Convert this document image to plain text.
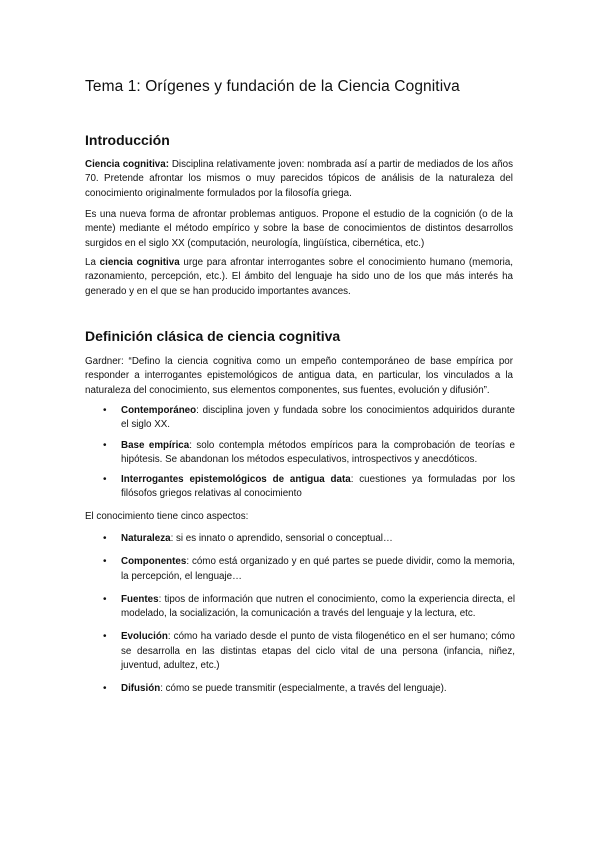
Tema 1: Orígenes y fundación de la Ciencia Cognitiva
Introducción

Ciencia cognitiva: Disciplina relativamente joven: nombrada así a partir de mediados de los años 70. Pretende afrontar los mismos o muy parecidos tópicos de análisis de la naturaleza del conocimiento originalmente formulados por la filosofía griega.

Es una nueva forma de afrontar problemas antiguos. Propone el estudio de la cognición (o de la mente) mediante el método empírico y sobre la base de conocimientos de distintos desarrollos surgidos en el siglo XX (computación, neurología, lingüística, cibernética, etc.)

La ciencia cognitiva urge para afrontar interrogantes sobre el conocimiento humano (memoria, razonamiento, percepción, etc.). El ámbito del lenguaje ha sido uno de los que más interés ha generado y en el que se han producido importantes avances.

Definición clásica de ciencia cognitiva

Gardner: “Defino la ciencia cognitiva como un empeño contemporáneo de base empírica por responder a interrogantes epistemológicos de antigua data, en particular, los vinculados a la naturaleza del conocimiento, sus elementos componentes, sus fuentes, evolución y difusión”.

• Contemporáneo: disciplina joven y fundada sobre los conocimientos adquiridos durante el siglo XX.
• Base empírica: solo contempla métodos empíricos para la comprobación de teorías e hipótesis. Se abandonan los métodos especulativos, introspectivos y anecdóticos.
• Interrogantes epistemológicos de antigua data: cuestiones ya formuladas por los filósofos griegos relativas al conocimiento

El conocimiento tiene cinco aspectos:

• Naturaleza: si es innato o aprendido, sensorial o conceptual…
• Componentes: cómo está organizado y en qué partes se puede dividir, como la memoria, la percepción, el lenguaje…
• Fuentes: tipos de información que nutren el conocimiento, como la experiencia directa, el modelado, la socialización, la comunicación a través del lenguaje y la lectura, etc.
• Evolución: cómo ha variado desde el punto de vista filogenético en el ser humano; cómo se desarrolla en las distintas etapas del ciclo vital de una persona (infancia, niñez, juventud, adultez, etc.)
• Difusión: cómo se puede transmitir (especialmente, a través del lenguaje).
